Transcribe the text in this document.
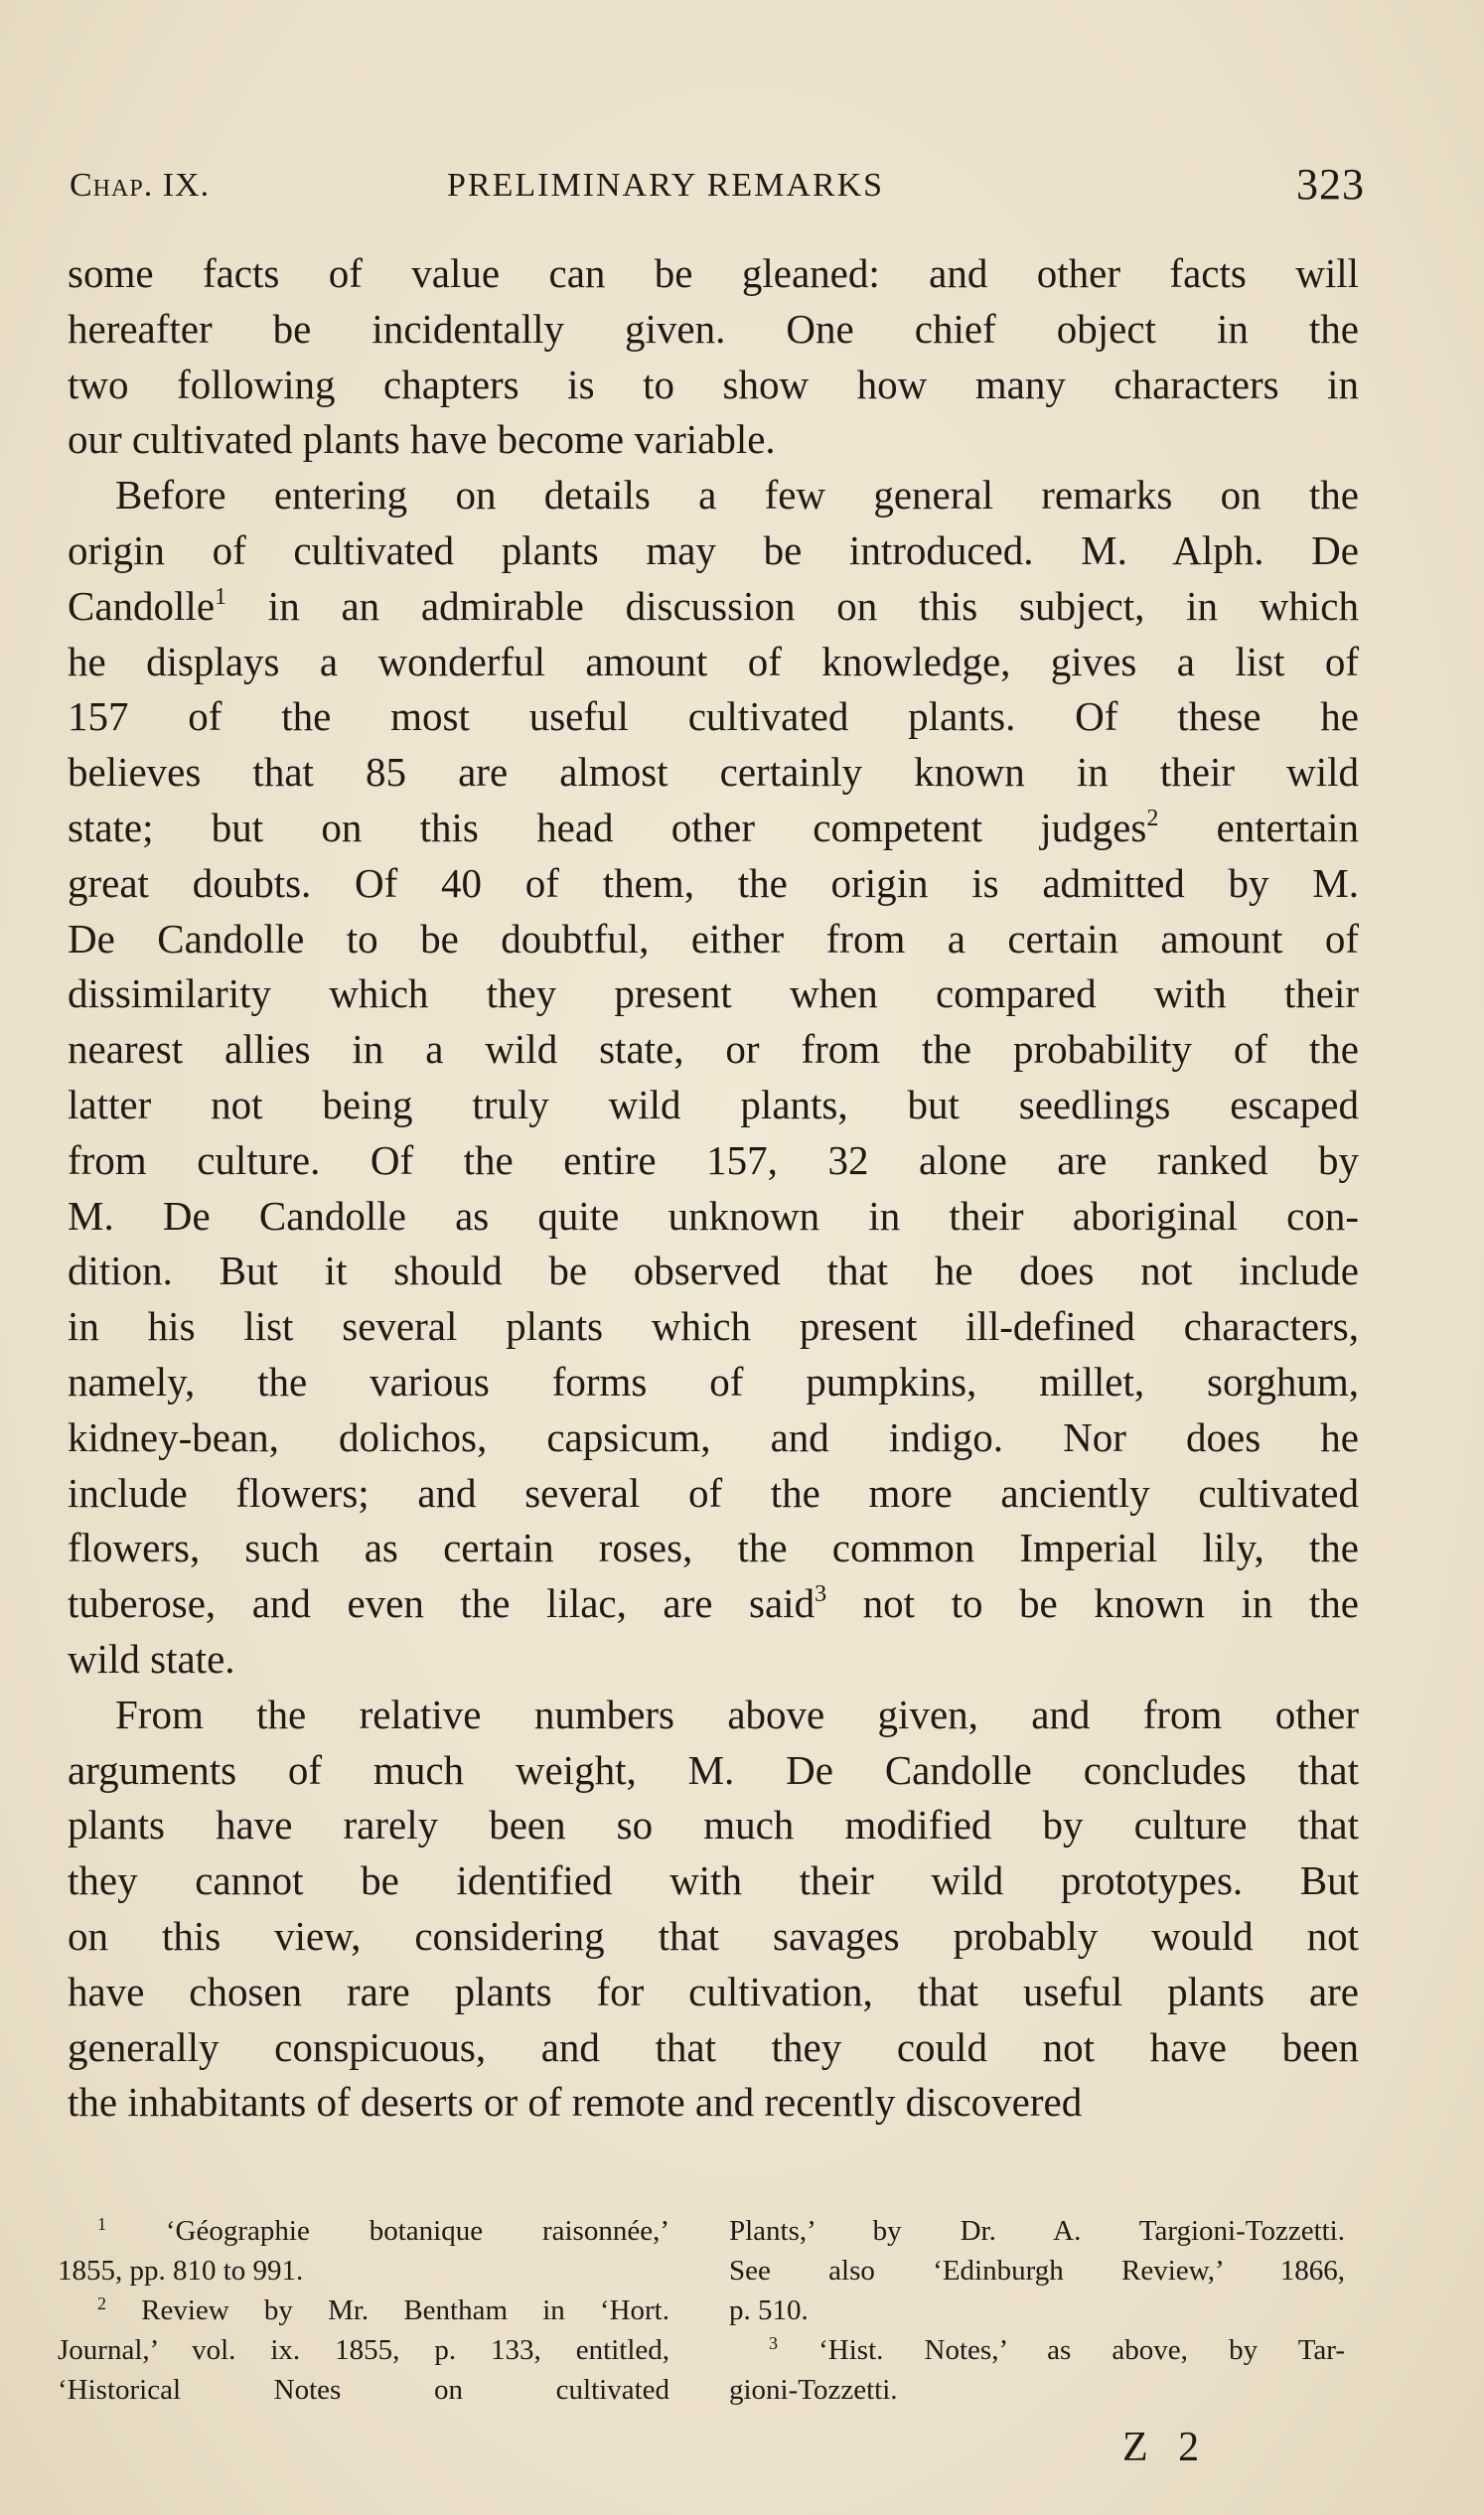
Chap. IX.	PRELIMINARY REMARKS	323
some facts of value can be gleaned: and other facts will
hereafter be incidentally given. One chief object in the
two following chapters is to show how many characters in
our cultivated plants have become variable.
Before entering on details a few general remarks on the
origin of cultivated plants may be introduced. M. Alph. De
Candolle$^1$ in an admirable discussion on this subject, in which
he displays a wonderful amount of knowledge, gives a list of
157 of the most useful cultivated plants. Of these he
believes that 85 are almost certainly known in their wild
state; but on this head other competent judges$^2$ entertain
great doubts. Of 40 of them, the origin is admitted by M.
De Candolle to be doubtful, either from a certain amount of
dissimilarity which they present when compared with their
nearest allies in a wild state, or from the probability of the
latter not being truly wild plants, but seedlings escaped
from culture. Of the entire 157, 32 alone are ranked by
M. De Candolle as quite unknown in their aboriginal con-
dition. But it should be observed that he does not include
in his list several plants which present ill-defined characters,
namely, the various forms of pumpkins, millet, sorghum,
kidney-bean, dolichos, capsicum, and indigo. Nor does he
include flowers; and several of the more anciently cultivated
flowers, such as certain roses, the common Imperial lily, the
tuberose, and even the lilac, are said$^3$ not to be known in the
wild state.
From the relative numbers above given, and from other
arguments of much weight, M. De Candolle concludes that
plants have rarely been so much modified by culture that
they cannot be identified with their wild prototypes. But
on this view, considering that savages probably would not
have chosen rare plants for cultivation, that useful plants are
generally conspicuous, and that they could not have been
the inhabitants of deserts or of remote and recently discovered
$^1$ ‘Géographie botanique raisonnée,’
1855, pp. 810 to 991.
$^2$ Review by Mr. Bentham in ‘Hort.
Journal,’ vol. ix. 1855, p. 133, entitled,
‘Historical Notes on cultivated
Plants,’ by Dr. A. Targioni-Tozzetti.
See also ‘Edinburgh Review,’ 1866,
p. 510.
$^3$ ‘Hist. Notes,’ as above, by Tar-
gioni-Tozzetti.
Z 2
